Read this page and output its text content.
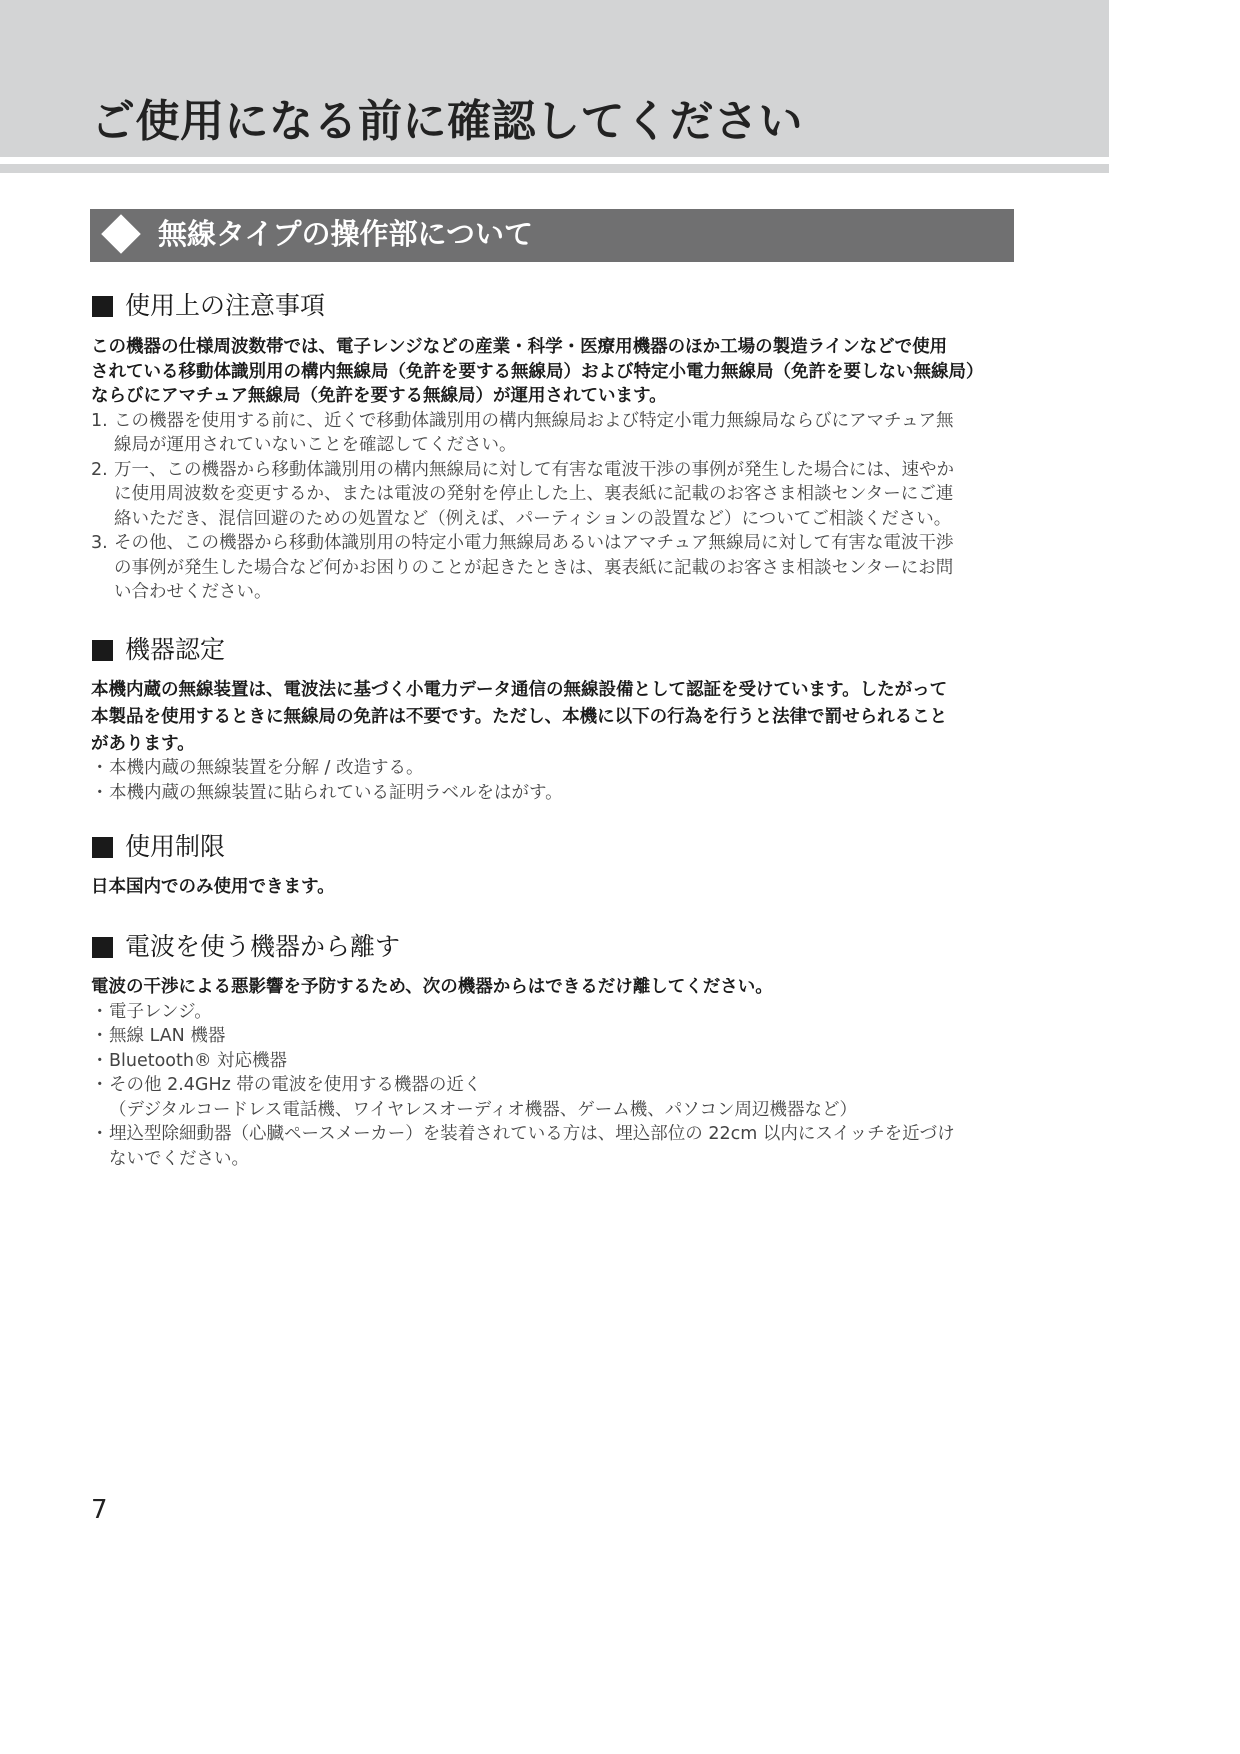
ご使用になる前に確認してください
無線タイプの操作部について
使用上の注意事項

この機器の仕様周波数帯では、電子レンジなどの産業・科学・医療用機器のほか工場の製造ラインなどで使用
されている移動体識別用の構内無線局（免許を要する無線局）および特定小電力無線局（免許を要しない無線局）
ならびにアマチュア無線局（免許を要する無線局）が運用されています。

1. この機器を使用する前に、近くで移動体識別用の構内無線局および特定小電力無線局ならびにアマチュア無
線局が運用されていないことを確認してください。
2. 万一、この機器から移動体識別用の構内無線局に対して有害な電波干渉の事例が発生した場合には、速やか
に使用周波数を変更するか、または電波の発射を停止した上、裏表紙に記載のお客さま相談センターにご連
絡いただき、混信回避のための処置など（例えば、パーティションの設置など）についてご相談ください。
3. その他、この機器から移動体識別用の特定小電力無線局あるいはアマチュア無線局に対して有害な電波干渉
の事例が発生した場合など何かお困りのことが起きたときは、裏表紙に記載のお客さま相談センターにお問
い合わせください。
機器認定

本機内蔵の無線装置は、電波法に基づく小電力データ通信の無線設備として認証を受けています。したがって
本製品を使用するときに無線局の免許は不要です。ただし、本機に以下の行為を行うと法律で罰せられること
があります。

・ 本機内蔵の無線装置を分解 / 改造する。
・ 本機内蔵の無線装置に貼られている証明ラベルをはがす。
使用制限

日本国内でのみ使用できます。

電波を使う機器から離す

電波の干渉による悪影響を予防するため、次の機器からはできるだけ離してください。

・ 電子レンジ。
・ 無線 LAN 機器
・ Bluetooth® 対応機器
・ その他 2.4GHz 帯の電波を使用する機器の近く
（デジタルコードレス電話機、ワイヤレスオーディオ機器、ゲーム機、パソコン周辺機器など）
・ 埋込型除細動器（心臓ペースメーカー）を装着されている方は、埋込部位の 22cm 以内にスイッチを近づけ
ないでください。
7
